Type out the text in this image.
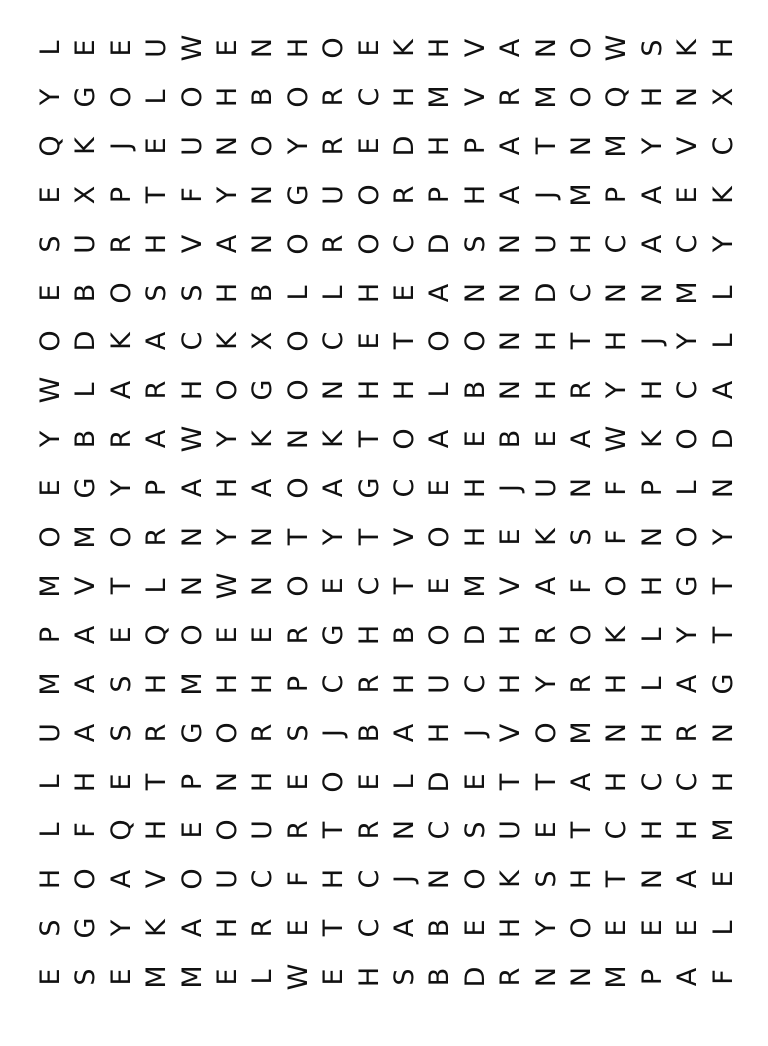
L E E U W E N H O E K H V A N O W S K H
Y G O L O H B O R C H M V R M O Q H N X
Q K J E U N O Y R E D H P A T N M Y V C
E X P T F Y N G U O R P H A J M P A E K
S U R H V A N O R O C D S N U H C A C Y
E B O S S H B L L H E A N N D C N N M L
O D K A C K X O C E T O O N H T H J Y L
W L A R H O G O N H H L B N H R Y H C A
Y B R A W Y K N K T O A E B E A W K O D
E G Y P A H A O A G C E H J U N F P L N
O M O R N Y N T Y T V O H E K S F N O Y
M V T L N W N O E C T E M V A F O H G T
P A E Q O E E R G H B O D H R O K L Y T
M A S H M H H P C R H U C H Y R H L A G
U A S R G O R S J B A H J V O M N H R N
L H E T P N H E O E L D E T T A H C C H
L F Q H E O U R T R N C S U E T C H H M
H O A V O U C F H C J N O K S H T N A E
S G Y K A H R E T C A B E H Y O E E E L
E S E M M E L W E H S B D R N N M P A F
